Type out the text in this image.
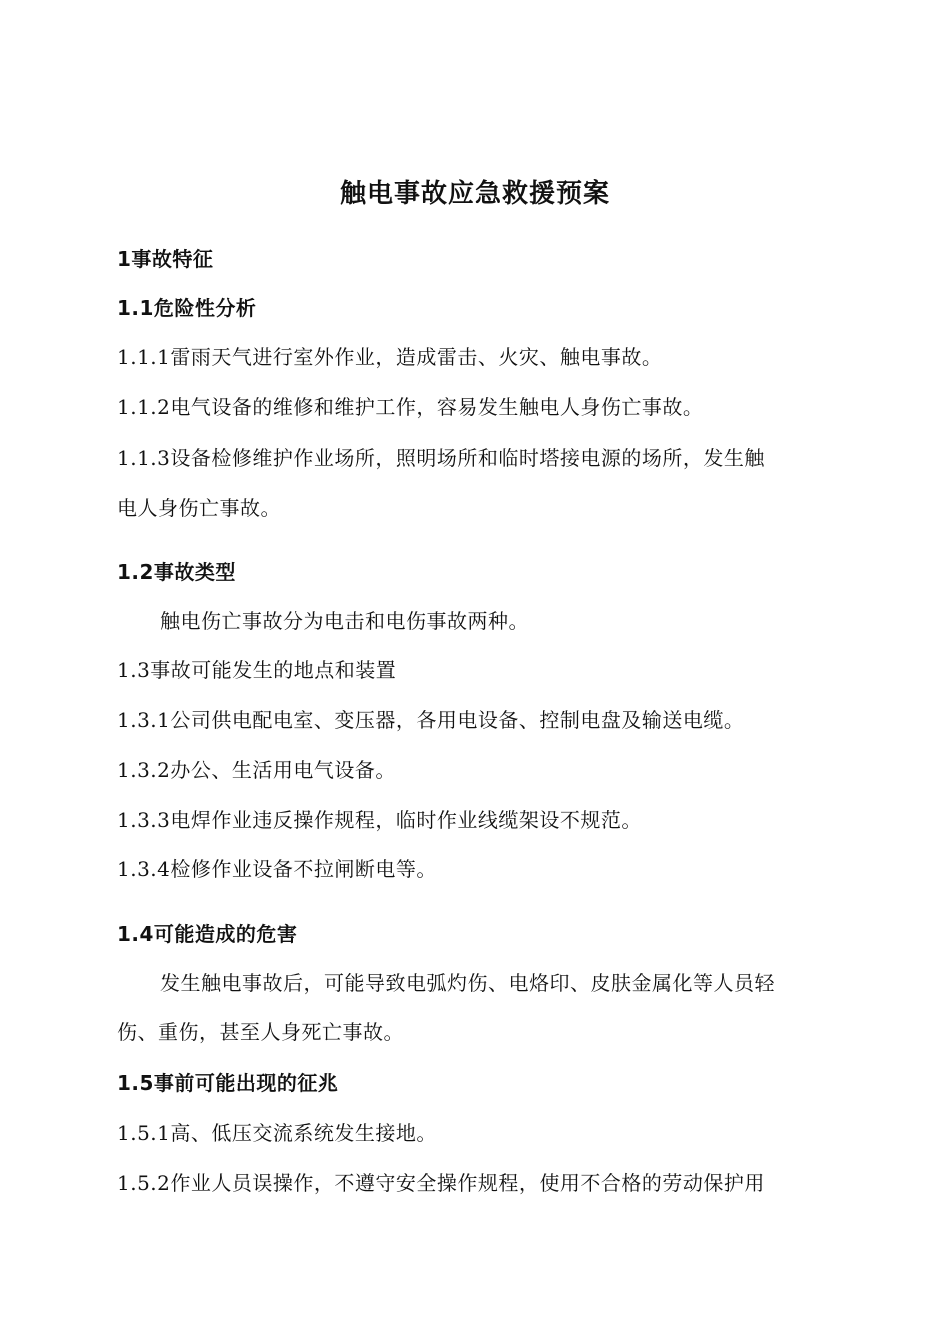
触电事故应急救援预案
1事故特征
1.1危险性分析
1.1.1雷雨天气进行室外作业，造成雷击、火灾、触电事故。
1.1.2电气设备的维修和维护工作，容易发生触电人身伤亡事故。
1.1.3设备检修维护作业场所，照明场所和临时塔接电源的场所，发生触
电人身伤亡事故。
1.2事故类型
触电伤亡事故分为电击和电伤事故两种。
1.3事故可能发生的地点和装置
1.3.1公司供电配电室、变压器，各用电设备、控制电盘及输送电缆。
1.3.2办公、生活用电气设备。
1.3.3电焊作业违反操作规程，临时作业线缆架设不规范。
1.3.4检修作业设备不拉闸断电等。
1.4可能造成的危害
发生触电事故后，可能导致电弧灼伤、电烙印、皮肤金属化等人员轻
伤、重伤，甚至人身死亡事故。
1.5事前可能出现的征兆
1.5.1高、低压交流系统发生接地。
1.5.2作业人员误操作，不遵守安全操作规程，使用不合格的劳动保护用
